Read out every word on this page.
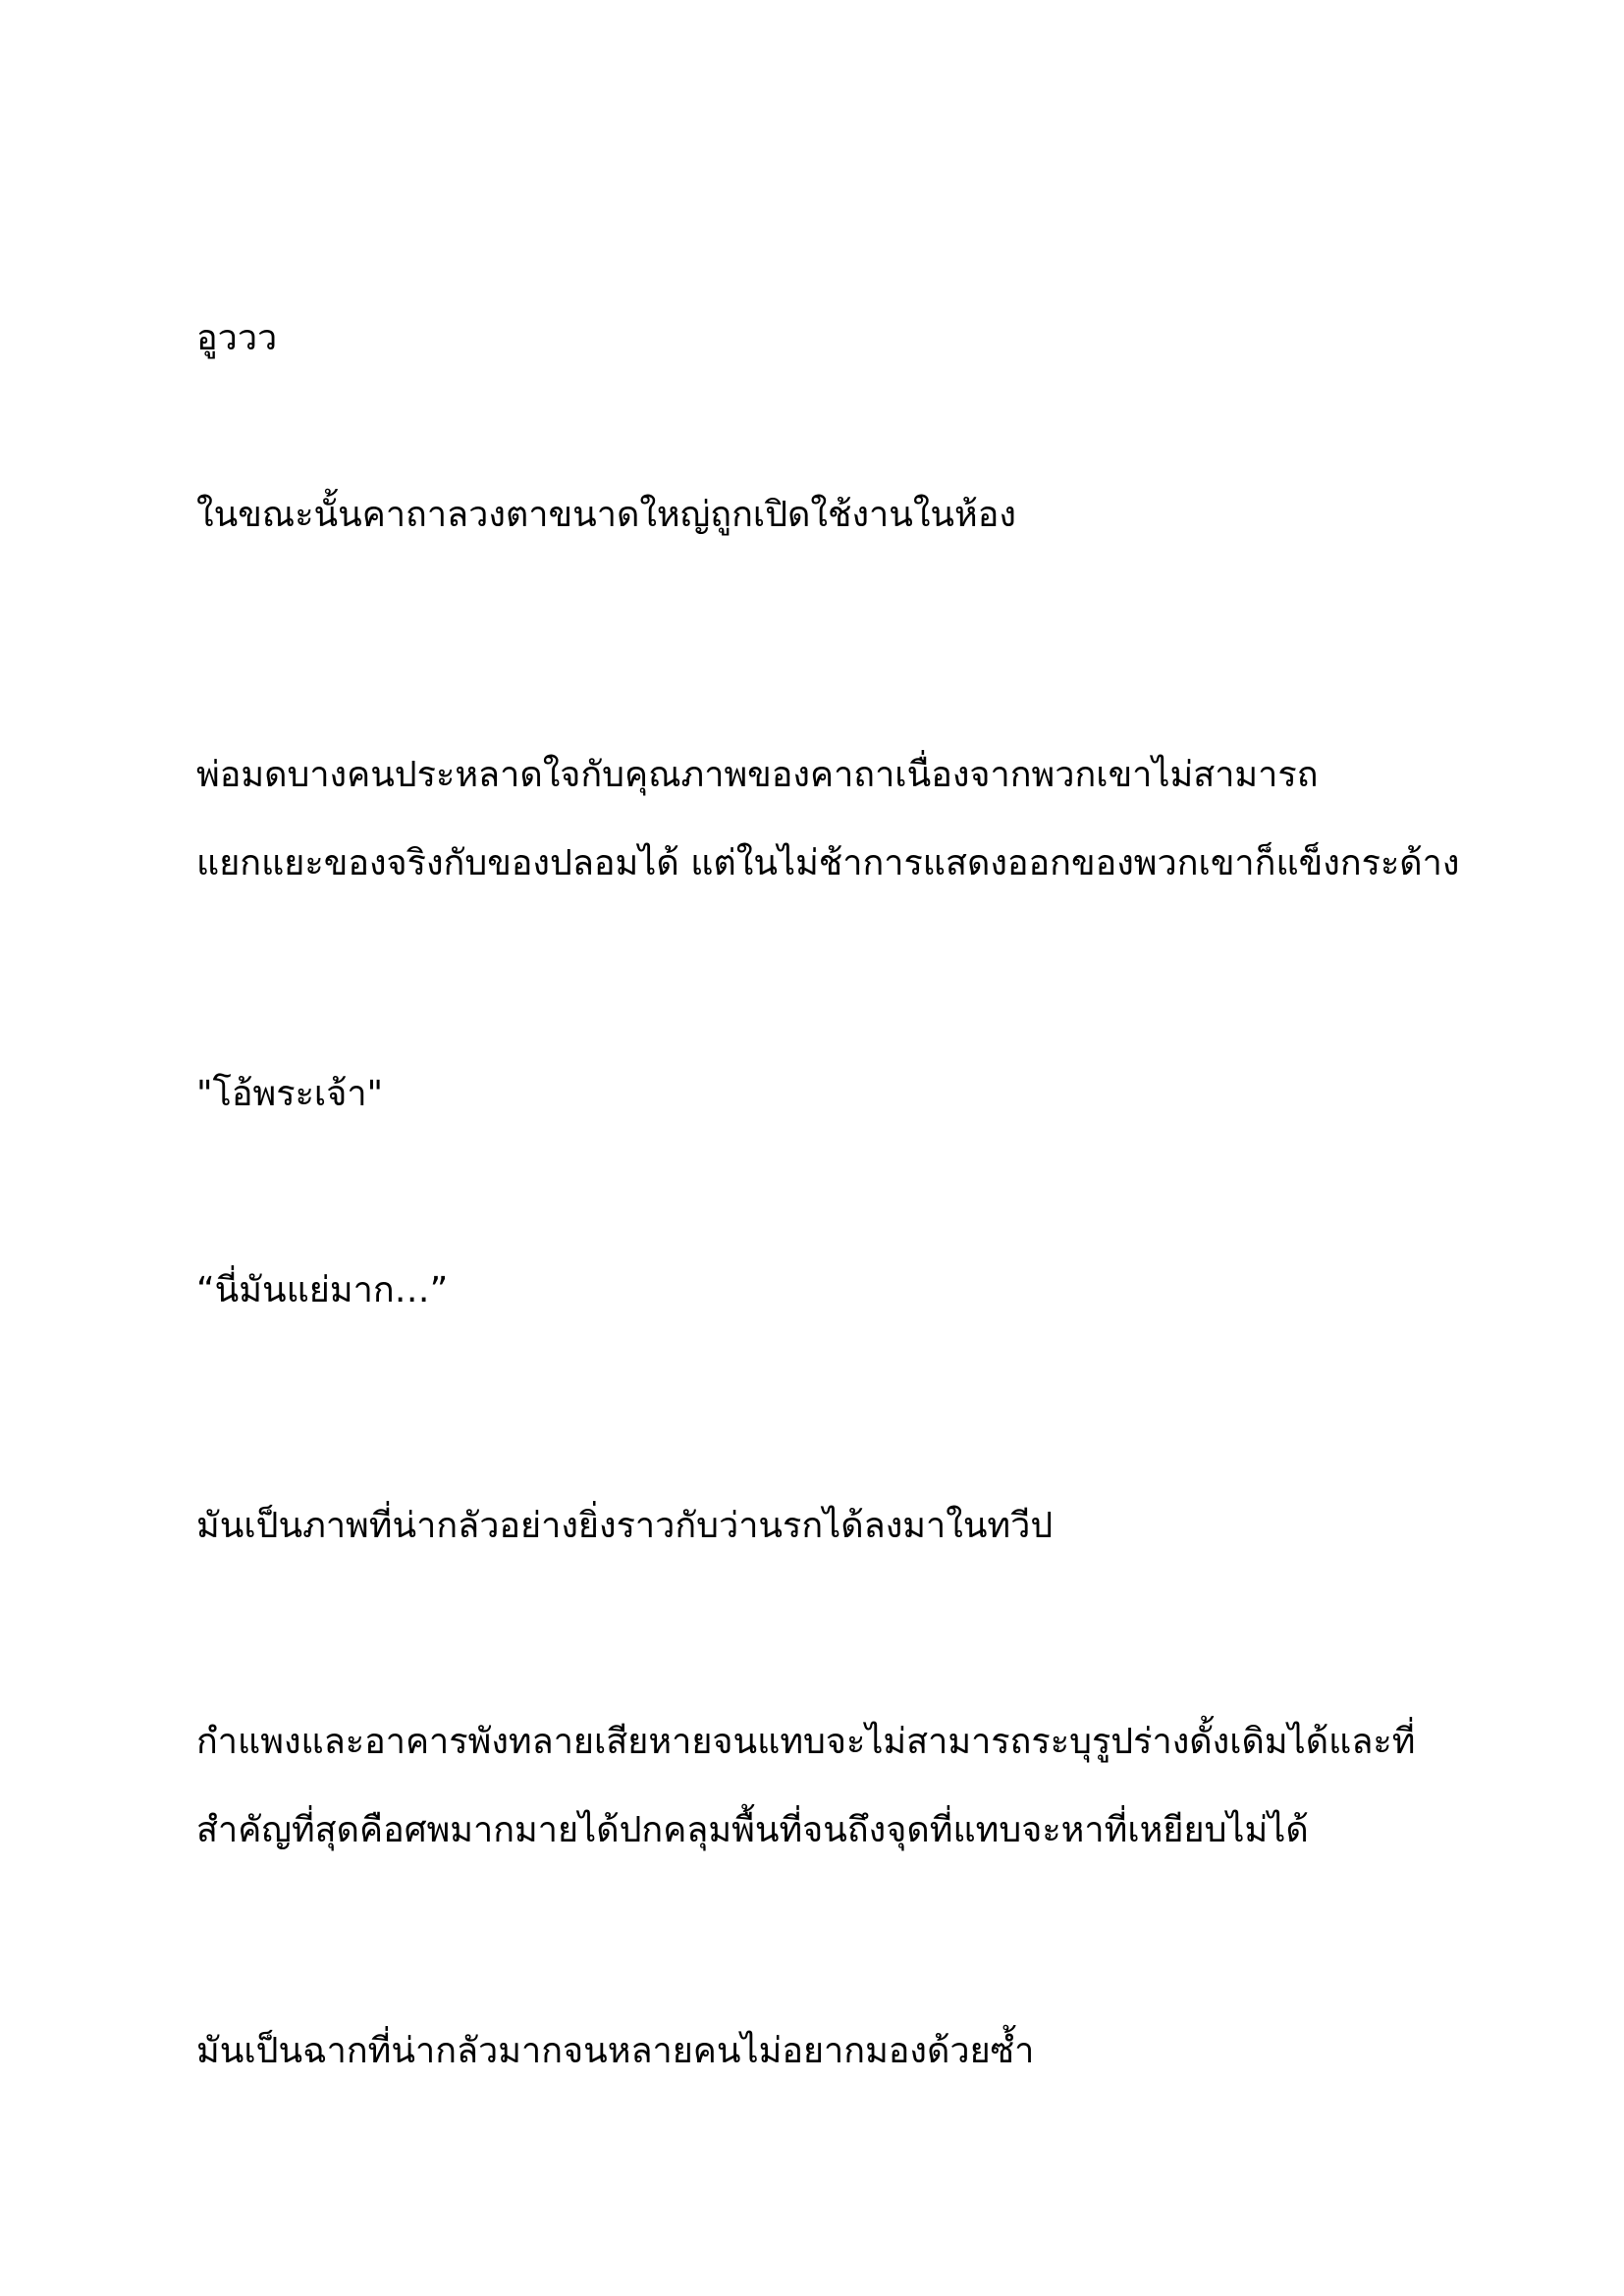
อูววว

ในขณะนั้นคาถาลวงตาขนาดใหญ่ถูกเปิดใช้งานในห้อง

พ่อมดบางคนประหลาดใจกับคุณภาพของคาถาเนื่องจากพวกเขาไม่สามารถ
แยกแยะของจริงกับของปลอมได้ แต่ในไม่ช้าการแสดงออกของพวกเขาก็แข็งกระด้าง

"โอ้พระเจ้า"

“นี่มันแย่มาก…”

มันเป็นภาพที่น่ากลัวอย่างยิ่งราวกับว่านรกได้ลงมาในทวีป

กำแพงและอาคารพังทลายเสียหายจนแทบจะไม่สามารถระบุรูปร่างดั้งเดิมได้และที่
สำคัญที่สุดคือศพมากมายได้ปกคลุมพื้นที่จนถึงจุดที่แทบจะหาที่เหยียบไม่ได้

มันเป็นฉากที่น่ากลัวมากจนหลายคนไม่อยากมองด้วยซ้ำ
